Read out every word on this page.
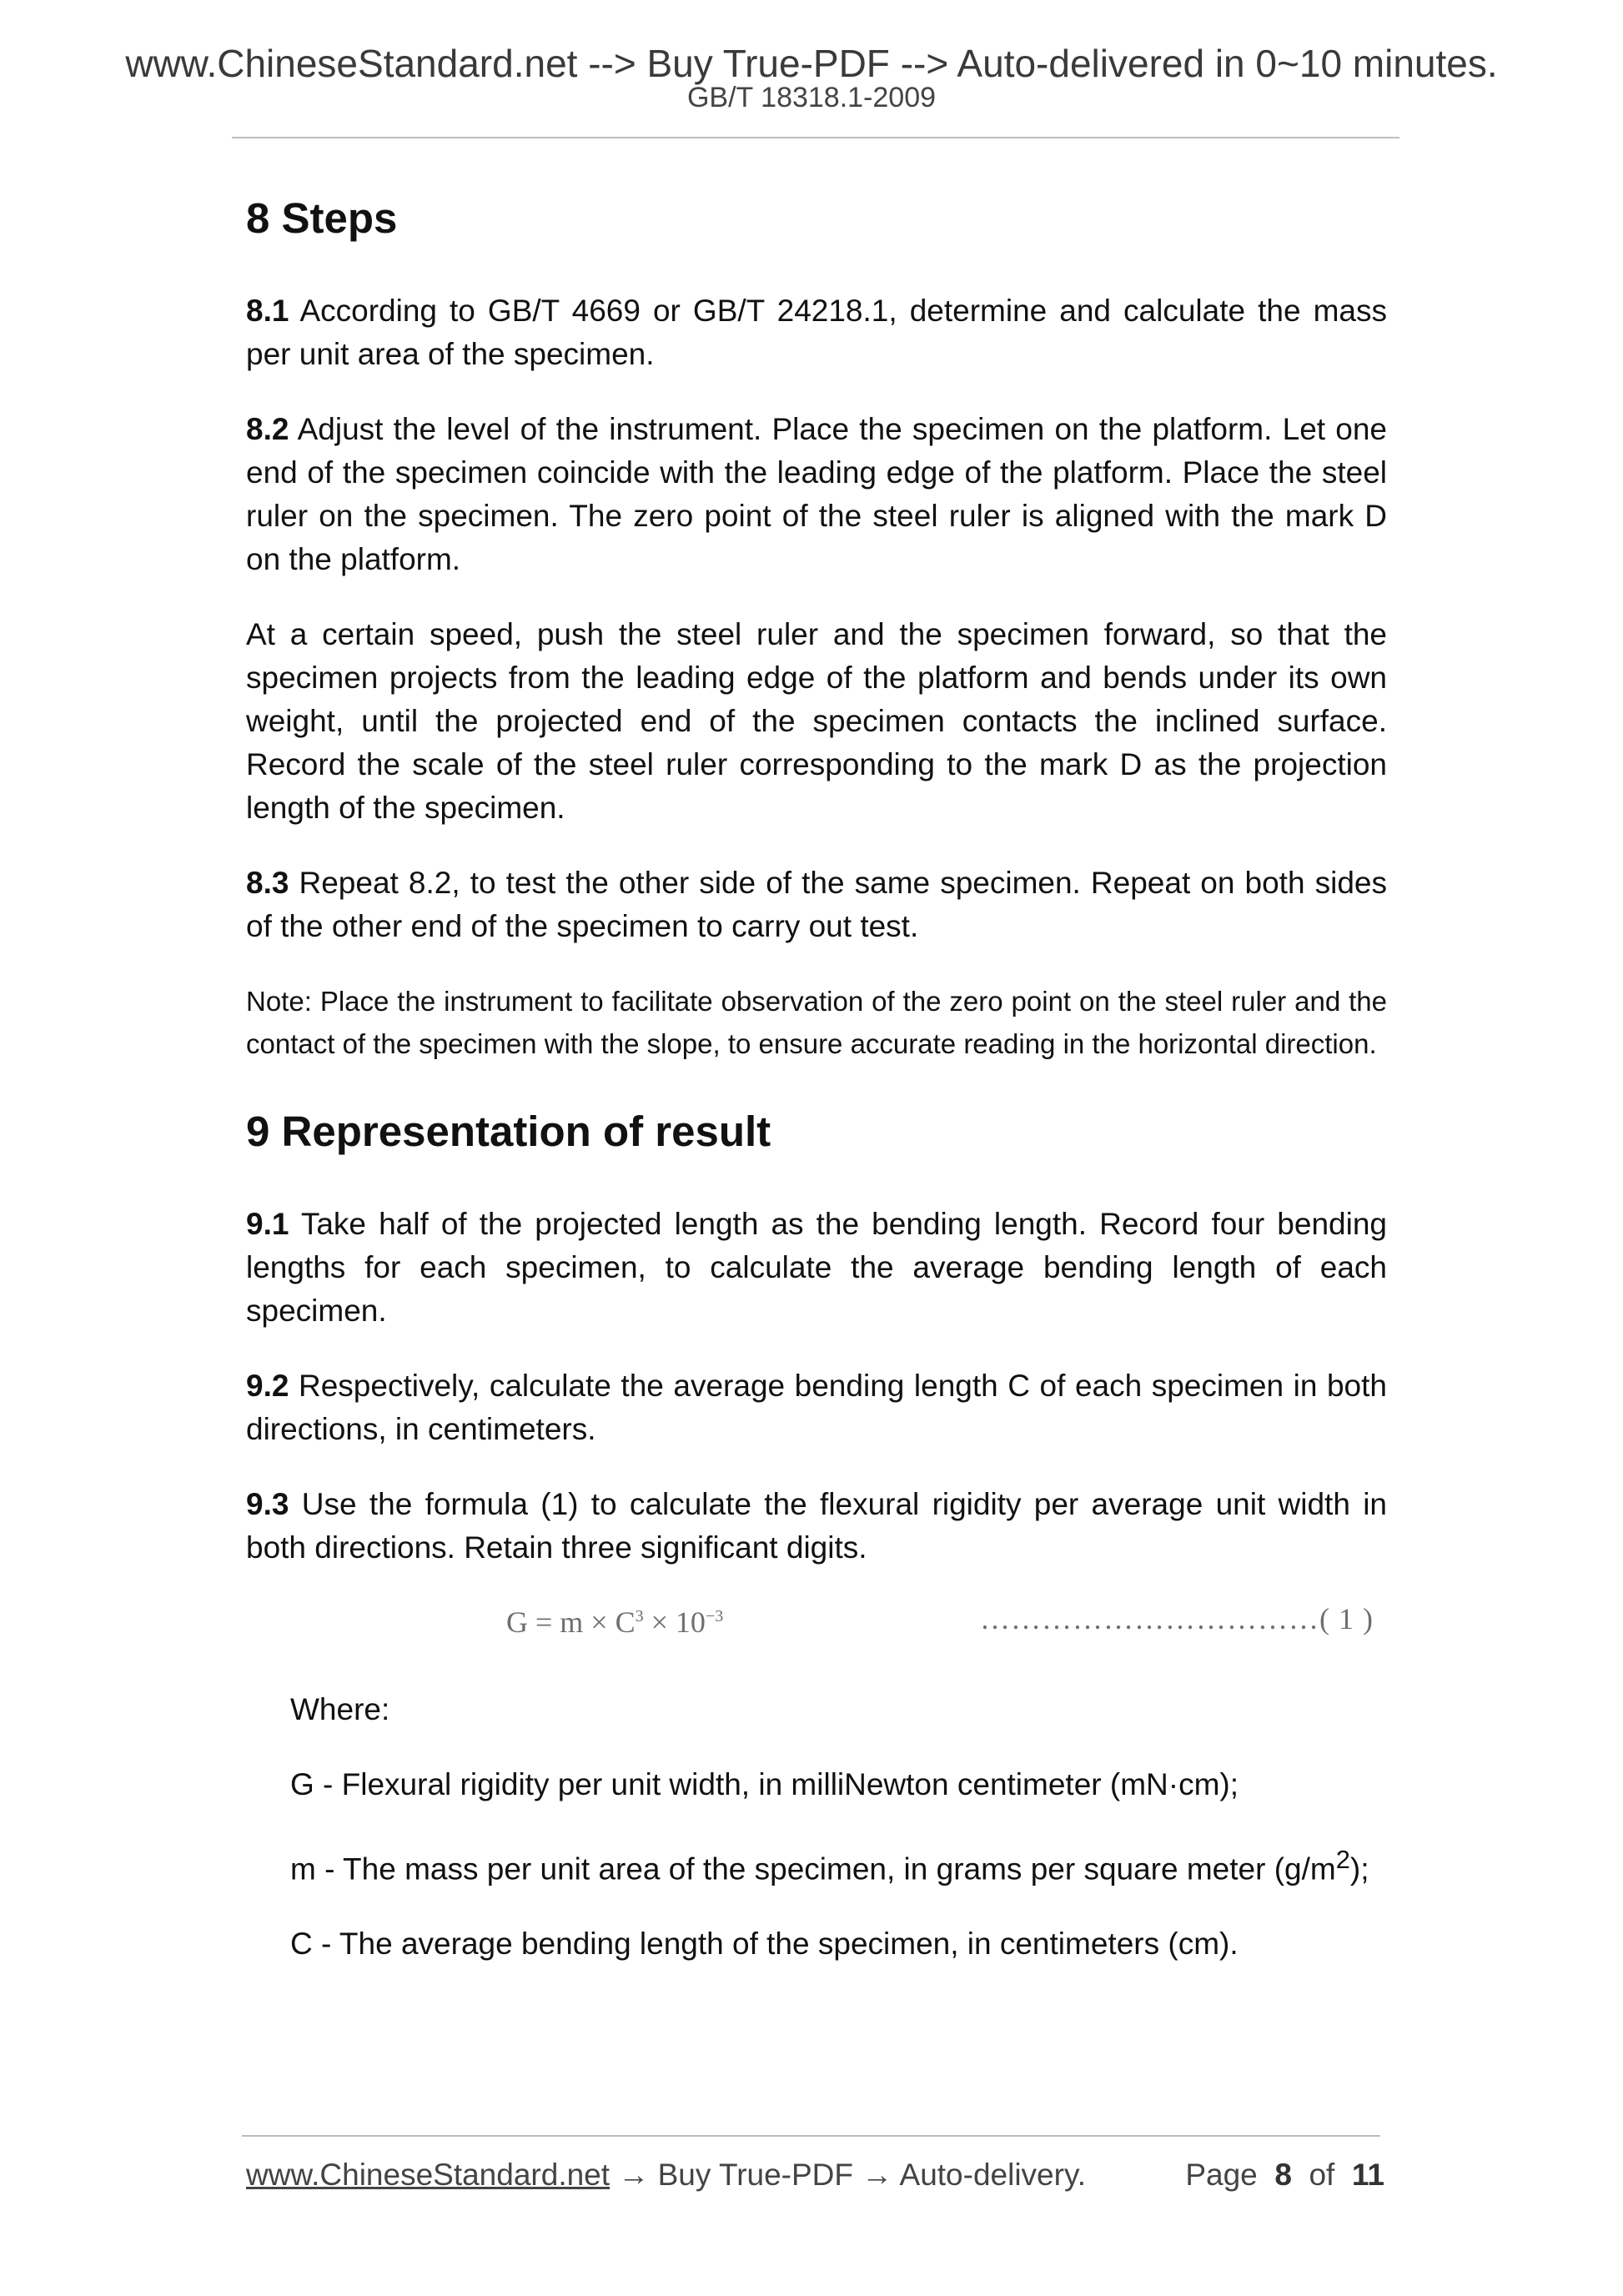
www.ChineseStandard.net --> Buy True-PDF --> Auto-delivered in 0~10 minutes.
GB/T 18318.1-2009
8 Steps

8.1 According to GB/T 4669 or GB/T 24218.1, determine and calculate the mass per unit area of the specimen.

8.2 Adjust the level of the instrument. Place the specimen on the platform. Let one end of the specimen coincide with the leading edge of the platform. Place the steel ruler on the specimen. The zero point of the steel ruler is aligned with the mark D on the platform.

At a certain speed, push the steel ruler and the specimen forward, so that the specimen projects from the leading edge of the platform and bends under its own weight, until the projected end of the specimen contacts the inclined surface. Record the scale of the steel ruler corresponding to the mark D as the projection length of the specimen.

8.3 Repeat 8.2, to test the other side of the same specimen. Repeat on both sides of the other end of the specimen to carry out test.

Note: Place the instrument to facilitate observation of the zero point on the steel ruler and the contact of the specimen with the slope, to ensure accurate reading in the horizontal direction.

9 Representation of result

9.1 Take half of the projected length as the bending length. Record four bending lengths for each specimen, to calculate the average bending length of each specimen.

9.2 Respectively, calculate the average bending length C of each specimen in both directions, in centimeters.

9.3 Use the formula (1) to calculate the flexural rigidity per average unit width in both directions. Retain three significant digits.

$G = m \times C^3 \times 10^{-3}$	……………………………( 1 )

Where:

G - Flexural rigidity per unit width, in milliNewton centimeter (mN·cm);

m - The mass per unit area of the specimen, in grams per square meter $(g/m^2)$;

C - The average bending length of the specimen, in centimeters (cm).

www.ChineseStandard.net → Buy True-PDF → Auto-delivery.	Page 8 of 11
